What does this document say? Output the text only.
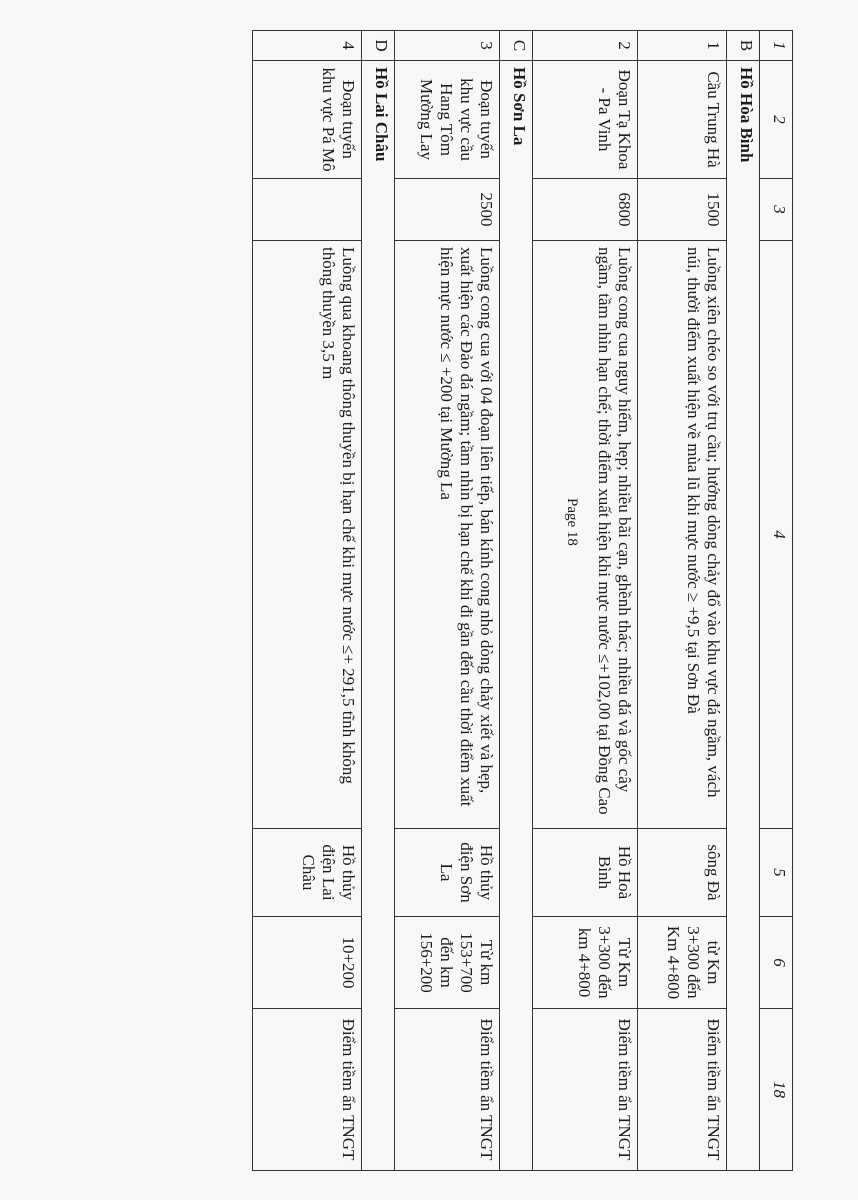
1	2	3	4	5	6	18
B	Hồ Hòa Bình					
1	Cầu Trung Hà	1500	Luồng xiên chéo so với trụ cầu; hướng dòng chảy đổ vào khu vực đá ngầm, vách núi, thười điểm xuất hiện về mùa lũ khi mực nước ≥ +9,5 tại Sơn Đà	sông Đà	từ Km 3+300 đến Km 4+800	Điểm tiềm ẩn TNGT
2	Đoạn Tạ Khoa - Pa Vinh	6800	Luồng cong cua nguy hiểm, hẹp; nhiều bãi cạn, ghềnh thác; nhiều đá và gốc cây ngầm, tầm nhìn hạn chế; thời điểm xuất hiện khi mực nước ≤+102,00 tại Đồng Cao	Hồ Hoà Bình	Từ Km 3+300 đến km 4+800	Điểm tiềm ẩn TNGT
C	Hồ Sơn La					
3	Đoạn tuyến khu vực cầu Hang Tôm Mường Lay	2500	Luồng cong cua với 04 đoạn liên tiếp, bán kính cong nhỏ dòng chảy xiết và hẹp, xuất hiện các Đảo đá ngầm; tầm nhìn bị hạn chế khi đi gần đến cầu thời điểm xuất hiện mực nước ≤ +200 tại Mường La	Hồ thủy điện Sơn La	Từ km 153+700 đến km 156+200	Điểm tiềm ẩn TNGT
D	Hồ Lai Châu					
4	Đoạn tuyến khu vực Pá Mô		Luồng qua khoang thông thuyền bị hạn chế khi mực nước ≤+ 291,5 tĩnh không thông thuyền 3,5 m	Hồ thủy điện Lai Châu	10+200	Điểm tiềm ẩn TNGT
Page 18
